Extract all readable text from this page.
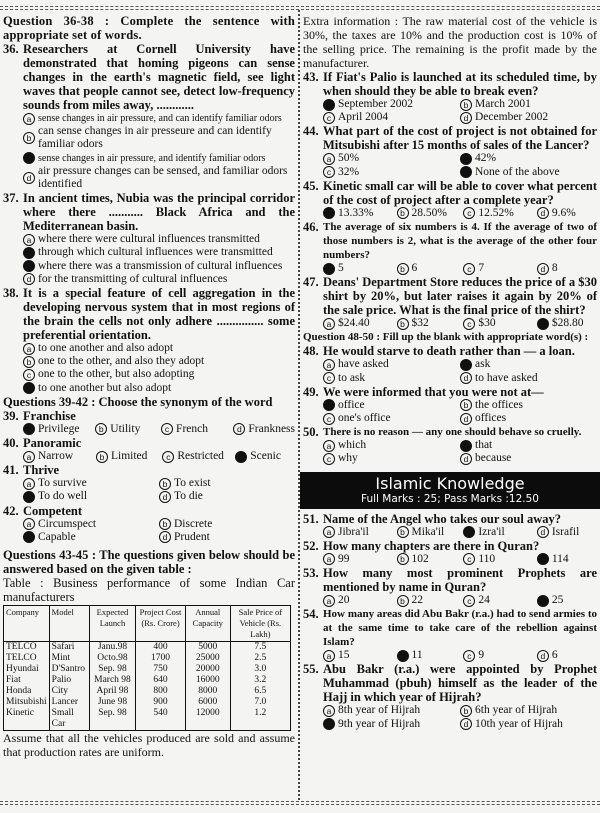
Question 36-38 : Complete the sentence with appropriate set of words.
36. Researchers at Cornell University have demonstrated that homing pigeons can sense changes in the earth's magnetic field, see light waves that people cannot see, detect low-frequency sounds from miles away, ............
a sense changes in air pressure, and can identify familiar odors
b
can sense changes in air presseure and can identify familiar odors
c sense changes in air pressure, and identify familiar odors
d
air pressure changes can be sensed, and familiar odors identified
37. In ancient times, Nubia was the principal corridor where there ........... Black Africa and the Mediterranean basin.
a where there were cultural influences transmitted
b through which cultural influences were transmitted
c where there was a transmission of cultural influences
d for the transmitting of cultural influences
38. It is a special feature of cell aggregation in the developing nervous system that in most regions of the brain the cells not only adhere ............... some preferential orientation.
a to one another and also adopt
b one to the other, and also they adopt
c one to the other, but also adopting
d to one another but also adopt
Questions 39-42 : Choose the synonym of the word
39. Franchise
a Privilege	b Utility	c French	d Frankness
40. Panoramic
a Narrow	b Limited	c Restricted	d Scenic
41. Thrive
a To survive	b To exist
c To do well	d To die
42. Competent
a Circumspect	b Discrete
c Capable	d Prudent
Questions 43-45 : The questions given below should be answered based on the given table :
Table : Business performance of some Indian Car manufacturers
Company	Model	Expected Launch	Project Cost (Rs. Crore)	Annual Capacity	Sale Price of Vehicle (Rs. Lakh)
TELCO	Safari	Janu.98	400	5000	7.5
TELCO	Mint	Octo.98	1700	25000	2.5
Hyundai	D'Santro	Sep. 98	750	20000	3.0
Fiat	Palio	March 98	640	16000	3.2
Honda	City	April 98	800	8000	6.5
Mitsubishi	Lancer	June 98	900	6000	7.0
Kinetic	Small Car	Sep. 98	540	12000	1.2
Assume that all the vehicles produced are sold and assume that production rates are uniform.
Extra information : The raw material cost of the vehicle is 30%, the taxes are 10% and the production cost is 10% of the selling price. The remaining is the profit made by the manufacturer.
43. If Fiat's Palio is launched at its scheduled time, by when should they be able to break even?
a September 2002	b March 2001
c April 2004	d December 2002
44. What part of the cost of project is not obtained for Mitsubishi after 15 months of sales of the Lancer?
a 50%	b 42%
c 32%	d None of the above
45. Kinetic small car will be able to cover what percent of the cost of project after a complete year?
a 13.33%	b 28.50%	c 12.52%	d 9.6%
46. The average of six numbers is 4. If the average of two of those numbers is 2, what is the average of the other four numbers?
a 5	b 6	c 7	d 8
47. Deans' Department Store reduces the price of a $30 shirt by 20%, but later raises it again by 20% of the sale price. What is the final price of the shirt?
a $24.40	b $32	c $30	d $28.80
Question 48-50 : Fill up the blank with appropriate word(s) :
48. He would starve to death rather than — a loan.
a have asked	b ask
c to ask	d to have asked
49. We were informed that you were not at—
a office	b the offices
c one's office	d offices
50. There is no reason — any one should behave so cruelly.
a which	b that
c why	d because
Islamic Knowledge
Full Marks : 25; Pass Marks :12.50
51. Name of the Angel who takes our soul away?
a Jibra'il	b Mika'il	c Izra'il	d Israfil
52. How many chapters are there in Quran?
a 99	b 102	c 110	d 114
53. How many most prominent Prophets are mentioned by name in Quran?
a 20	b 22	c 24	d 25
54. How many areas did Abu Bakr (r.a.) had to send armies to at the same time to take care of the rebellion against Islam?
a 15	b 11	c 9	d 6
55. Abu Bakr (r.a.) were appointed by Prophet Muhammad (pbuh) himself as the leader of the Hajj in which year of Hijrah?
a 8th year of Hijrah	b 6th year of Hijrah
c 9th year of Hijrah	d 10th year of Hijrah
